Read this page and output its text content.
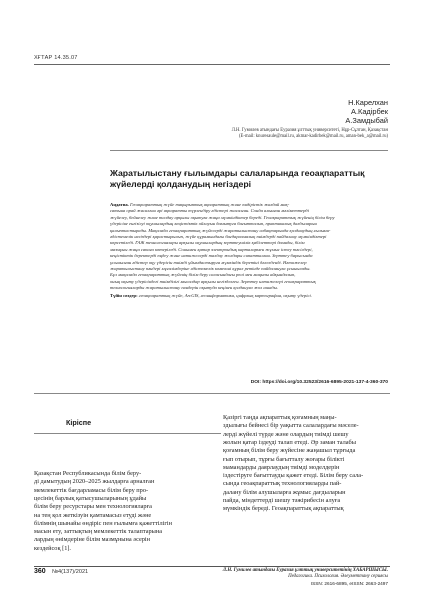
ХҒТАР 14.35.07
Н.Карелхан
А.Кадірбек
А.Замдыбай
Л.Н. Гумилев атындағы Еуразия ұлттық университеті, Нұр-Сұлтан, Қазақстан
(E-mail: knuresaule@mail.ru, akmar-kadirbek@mail.ru, aman-bek_a@mail.ru)
Жаратылыстану ғылымдары салаларында геоақпараттық
жүйелерді қолданудың негіздері
Аңдатпа. Геоақпараттық жүйе тақырыптық ақпараттық және өндірістік жағдай мақ-
сатына орай жасалған әрі ақпаратты түрлендіру әдістері жасалған. Сонда алынған мәліметтерді
жүйелеу, бейнелеу және талдау арқылы оқытуға жаңа мүмкіндіктер береді. Геоақпараттық жүйенің білім беру
үдерісіне енгізілуі оқушылардың кеңістіктік ойлауын дамытуға бағытталып, практикалық дағдыларын
қалыптастырады. Мақалада геоақпараттық жүйелерді жаратылыстану сабақтарында қолданудың ғылыми-
әдістемелік негіздері қарастырылып, жүйе құрамындағы бағдарламалық өнімдерді пайдалану мүмкіндіктері
көрсетіледі. ГАЖ технологиялары арқылы оқушылардың зерттеушілік қабілеттері дамиды, білім
мазмұны жаңа сапаға көтеріледі. Сонымен қатар электрондық карталармен жұмыс істеу тәсілдері,
кеңістіктік деректерді өңдеу және нәтижелерді талдау жолдары сипатталған. Зерттеу барысында
ұсынылған әдістер оқу үдерісін тиімді ұйымдастыруға мүмкіндік беретіні дәлелденді. Нәтижелер
жаратылыстану пәндері мұғалімдеріне әдістемелік көмекші құрал ретінде пайдалануға ұсынылады.
Бұл мақалада геоақпараттық жүйенің білім беру саласындағы рөлі мен маңызы айқындалып,
оның оқыту үдерісіндегі тиімділігі мысалдар арқылы негізделген. Зерттеу нәтижелері геоақпараттық
технологияларды жаратылыстану пәндерін оқытуда кеңінен қолдануға жол ашады.
Түйін сөздер: геоақпараттық жүйе, ArcGIS, геоинформатика, цифрлық картография, оқыту үдерісі.
DOI: https://doi.org/10.32523/2616-6895-2021-137-4-360-370
Кіріспе
Қазақстан Республикасында білім беру-
ді дамытудың 2020–2025 жылдарға арналған
мемлекеттік бағдарламасы білім беру про-
цесінің барлық қатысушыларының ұдайы
білім беру ресурстары мен технологияларға
на тең қол жеткізуін қамтамасыз етуді және
білімнің шынайы өндіріс пен ғылымға қажеттілігін
масын ету, заттықтың мемлекеттік талаптарына
лардың өнімдеріне білім мазмұнына әсерін
кездейсоқ [1].
Қазіргі таңда ақпараттық қоғамның маңы-
здылығы бейнесі бір уақытта салалардағы мәселе-
лерді жүйелі түрде және олардың тиімді шешу
жолын қатар іздеуді талап етеді. Әр заман талабы
қоғамның білім беру жүйесіне жаңашыл тұрғыда
ғып отырып, тұрғы бағытталу жоғары білікті
мамандарды даярлаудың тиімді моделдерін
іздестіруге бағыттауды қажет етеді. Білім беру сала-
сында геоақпараттық технологияларды пай-
далану білім алушыларға жұмыс дағдыларын
пайда, міндеттерді шешу тәжірибесін алуға
мүмкіндік береді. Геоақпараттық ақпараттық
360 №4(137)/2021	Л.Н. Гумилев атындағы Еуразия ұлттық университетінің ХАБАРШЫСЫ.
Педагогика. Психология. Әлеуметтану сериясы
ISSN: 2616-6895, eISSN: 2663-2497
